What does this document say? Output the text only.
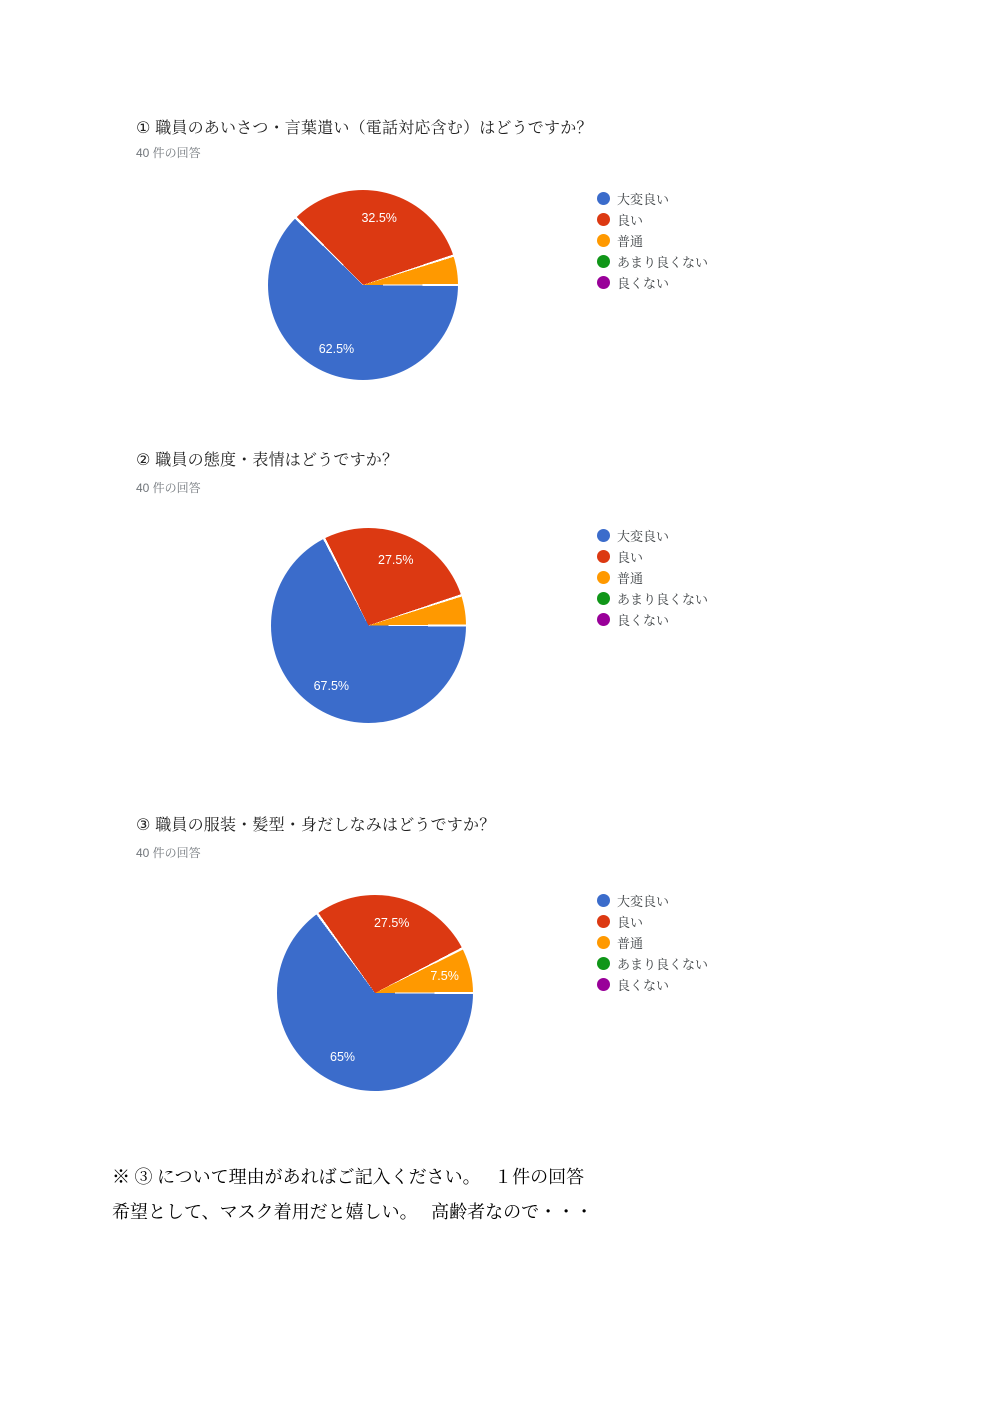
① 職員のあいさつ・言葉遣い（電話対応含む）はどうですか？
40 件の回答
62.5%
32.5%
大変良い
良い
普通
あまり良くない
良くない
② 職員の態度・表情はどうですか？
40 件の回答
67.5%
27.5%
大変良い
良い
普通
あまり良くない
良くない
③ 職員の服装・髪型・身だしなみはどうですか？
40 件の回答
65%
27.5%
7.5%
大変良い
良い
普通
あまり良くない
良くない
※ ③ について理由があればご記入ください。　 １件の回答
希望として、マスク着用だと嬉しい。　 高齢者なので・・・
